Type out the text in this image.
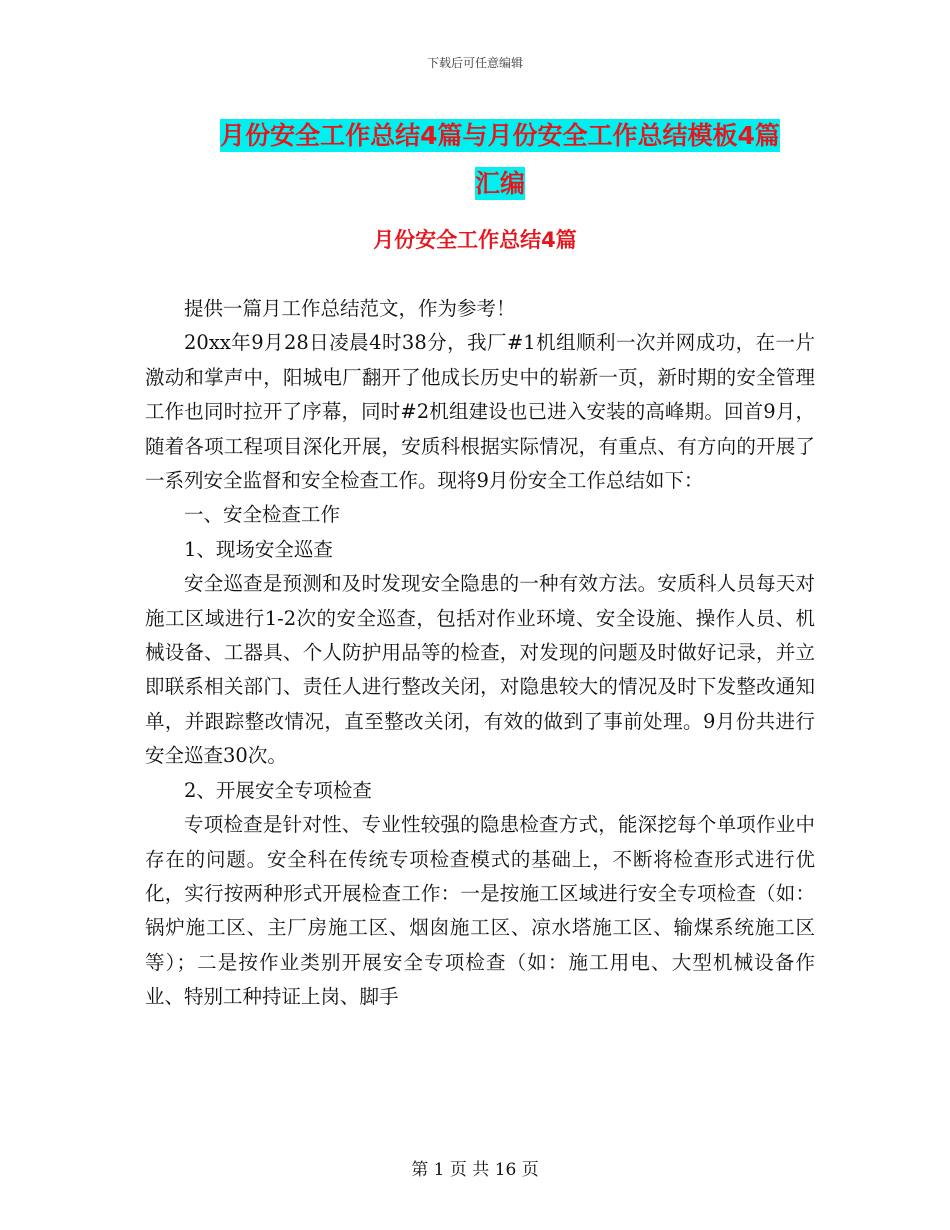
下载后可任意编辑
月份安全工作总结4篇与月份安全工作总结模板4篇
汇编
月份安全工作总结4篇

提供一篇月工作总结范文，作为参考！

20xx年9月28日凌晨4时38分，我厂#1机组顺利一次并网成功，在一片激动和掌声中，阳城电厂翻开了他成长历史中的崭新一页，新时期的安全管理工作也同时拉开了序幕，同时#2机组建设也已进入安装的高峰期。回首9月，随着各项工程项目深化开展，安质科根据实际情况，有重点、有方向的开展了一系列安全监督和安全检查工作。现将9月份安全工作总结如下：

一、安全检查工作

1、现场安全巡查

安全巡查是预测和及时发现安全隐患的一种有效方法。安质科人员每天对施工区域进行1-2次的安全巡查，包括对作业环境、安全设施、操作人员、机械设备、工器具、个人防护用品等的检查，对发现的问题及时做好记录，并立即联系相关部门、责任人进行整改关闭，对隐患较大的情况及时下发整改通知单，并跟踪整改情况，直至整改关闭，有效的做到了事前处理。9月份共进行安全巡查30次。

2、开展安全专项检查

专项检查是针对性、专业性较强的隐患检查方式，能深挖每个单项作业中存在的问题。安全科在传统专项检查模式的基础上，不断将检查形式进行优化，实行按两种形式开展检查工作：一是按施工区域进行安全专项检查（如：锅炉施工区、主厂房施工区、烟囱施工区、凉水塔施工区、输煤系统施工区等）；二是按作业类别开展安全专项检查（如：施工用电、大型机械设备作业、特别工种持证上岗、脚手

第 1 页 共 16 页
